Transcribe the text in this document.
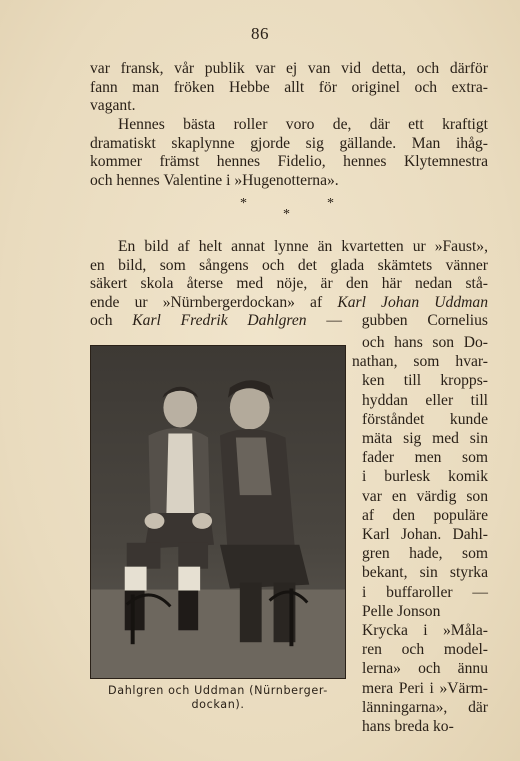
86
var fransk, vår publik var ej van vid detta, och därför
fann man fröken Hebbe allt för originel och extra-
vagant.
Hennes bästa roller voro de, där ett kraftigt
dramatiskt skaplynne gjorde sig gällande. Man ihåg-
kommer främst hennes Fidelio, hennes Klytemnestra
och hennes Valentine i »Hugenotterna».
*	*
*
En bild af helt annat lynne än kvartetten ur »Faust»,
en bild, som sångens och det glada skämtets vänner
säkert skola återse med nöje, är den här nedan stå-
ende ur »Nürnbergerdockan» af Karl Johan Uddman
och Karl Fredrik Dahlgren — gubben Cornelius
Dahlgren och Uddman (Nürnberger-
dockan).
och hans son Do-
nathan, som hvar-
ken till kropps-
hyddan eller till
förståndet kunde
mäta sig med sin
fader men som
i burlesk komik
var en värdig son
af den populäre
Karl Johan. Dahl-
gren hade, som
bekant, sin styrka
i buffaroller —
Pelle Jonson
Krycka i »Måla-
ren och model-
lerna» och ännu
mera Peri i »Värm-
länningarna», där
hans breda ko-
